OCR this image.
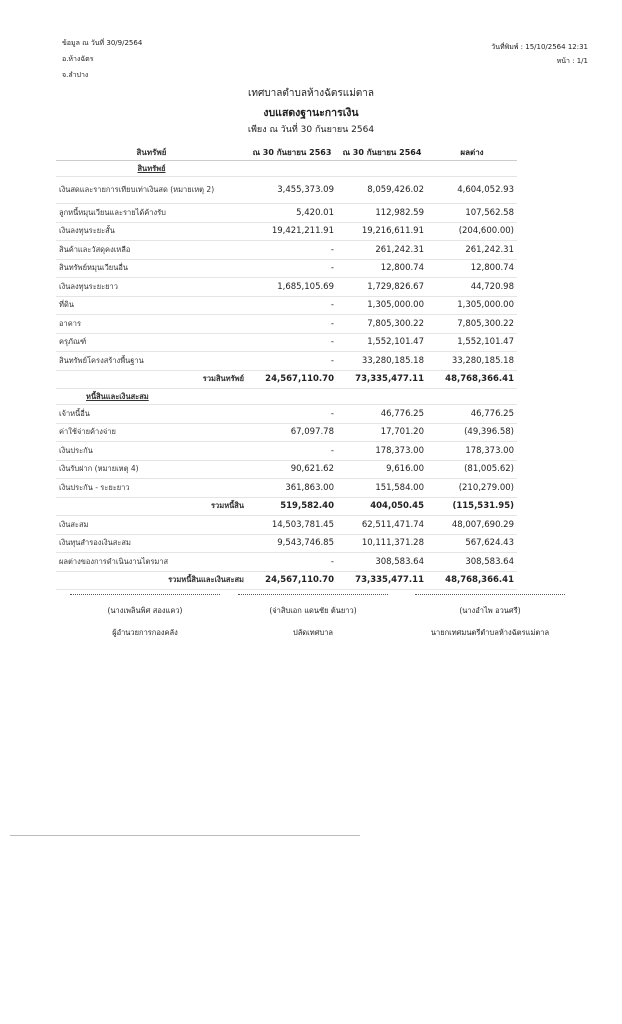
ข้อมูล ณ วันที่ 30/9/2564
อ.ห้างฉัตร
จ.ลำปาง
วันที่พิมพ์ : 15/10/2564 12:31
หน้า : 1/1
เทศบาลตำบลห้างฉัตรแม่ตาล
งบแสดงฐานะการเงิน
เพียง ณ วันที่ 30 กันยายน 2564
สินทรัพย์	ณ 30 กันยายน 2563	ณ 30 กันยายน 2564	ผลต่าง
สินทรัพย์			
เงินสดและรายการเทียบเท่าเงินสด (หมายเหตุ 2)	3,455,373.09	8,059,426.02	4,604,052.93
ลูกหนี้หมุนเวียนและรายได้ค้างรับ	5,420.01	112,982.59	107,562.58
เงินลงทุนระยะสั้น	19,421,211.91	19,216,611.91	(204,600.00)
สินค้าและวัสดุคงเหลือ	-	261,242.31	261,242.31
สินทรัพย์หมุนเวียนอื่น	-	12,800.74	12,800.74
เงินลงทุนระยะยาว	1,685,105.69	1,729,826.67	44,720.98
ที่ดิน	-	1,305,000.00	1,305,000.00
อาคาร	-	7,805,300.22	7,805,300.22
ครุภัณฑ์	-	1,552,101.47	1,552,101.47
สินทรัพย์โครงสร้างพื้นฐาน	-	33,280,185.18	33,280,185.18
รวมสินทรัพย์	24,567,110.70	73,335,477.11	48,768,366.41
หนี้สินและเงินสะสม			
เจ้าหนี้อื่น	-	46,776.25	46,776.25
ค่าใช้จ่ายค้างจ่าย	67,097.78	17,701.20	(49,396.58)
เงินประกัน	-	178,373.00	178,373.00
เงินรับฝาก (หมายเหตุ 4)	90,621.62	9,616.00	(81,005.62)
เงินประกัน - ระยะยาว	361,863.00	151,584.00	(210,279.00)
รวมหนี้สิน	519,582.40	404,050.45	(115,531.95)
เงินสะสม	14,503,781.45	62,511,471.74	48,007,690.29
เงินทุนสำรองเงินสะสม	9,543,746.85	10,111,371.28	567,624.43
ผลต่างของการดำเนินงานไตรมาส	-	308,583.64	308,583.64
รวมหนี้สินและเงินสะสม	24,567,110.70	73,335,477.11	48,768,366.41
(นางเพลินพิศ สองแคว)
ผู้อำนวยการกองคลัง
(จ่าสิบเอก แดนชัย ต้นยาว)
ปลัดเทศบาล
(นางอำไพ อวนศรี)
นายกเทศมนตรีตำบลห้างฉัตรแม่ตาล
